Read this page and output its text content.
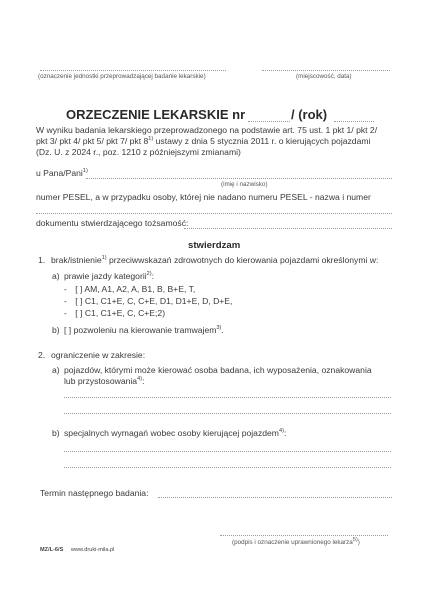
(oznaczenie jednostki przeprowadzającej badanie lekarskie)	(miejscowość, data)
ORZECZENIE LEKARSKIE nr	/ (rok)
W wyniku badania lekarskiego przeprowadzonego na podstawie art. 75 ust. 1 pkt 1/ pkt 2/
pkt 3/ pkt 4/ pkt 5/ pkt 7/ pkt 8$^{1)}$ ustawy z dnia 5 stycznia 2011 r. o kierujących pojazdami
(Dz. U. z 2024 r., poz. 1210 z późniejszymi zmianami)
u Pana/Pani$^{1)}$
(imię i nazwisko)
numer PESEL, a w przypadku osoby, której nie nadano numeru PESEL - nazwa i numer
dokumentu stwierdzającego tożsamość:
stwierdzam
1. brak/istnienie$^{1)}$ przeciwwskazań zdrowotnych do kierowania pojazdami określonymi w:
a) prawie jazdy kategorii$^{2)}$:
- [ ] AM, A1, A2, A, B1, B, B+E, T,
- [ ] C1, C1+E, C, C+E, D1, D1+E, D, D+E,
- [ ] C1, C1+E, C, C+E;2)
b) [ ] pozwoleniu na kierowanie tramwajem$^{3)}$.
2. ograniczenie w zakresie:
a) pojazdów, którymi może kierować osoba badana, ich wyposażenia, oznakowania
lub przystosowania$^{4)}$:
b) specjalnych wymagań wobec osoby kierującej pojazdem$^{4)}$:
Termin następnego badania:
(podpis i oznaczenie uprawnionego lekarza$^{5)}$)
MZ/L-6/S www.druki-mila.pl
